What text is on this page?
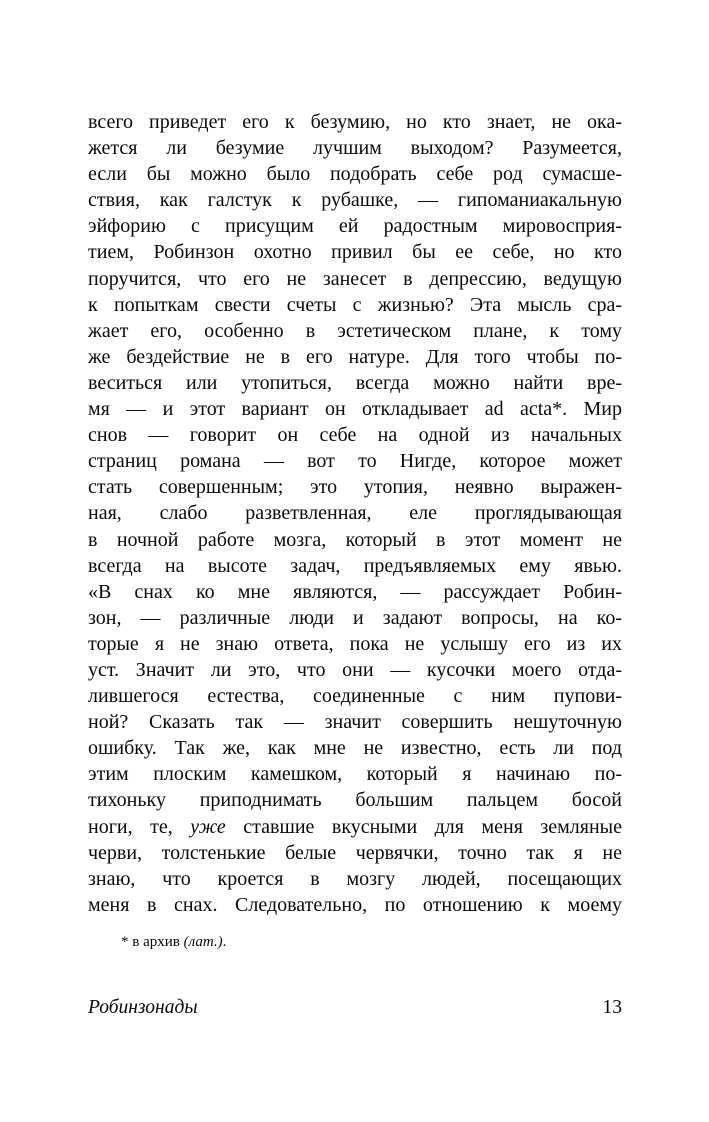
всего приведет его к безумию, но кто знает, не ока-
жется ли безумие лучшим выходом? Разумеется,
если бы можно было подобрать себе род сумасше-
ствия, как галстук к рубашке, — гипоманиакальную
эйфорию с присущим ей радостным мировосприя-
тием, Робинзон охотно привил бы ее себе, но кто
поручится, что его не занесет в депрессию, ведущую
к попыткам свести счеты с жизнью? Эта мысль сра-
жает его, особенно в эстетическом плане, к тому
же бездействие не в его натуре. Для того чтобы по-
веситься или утопиться, всегда можно найти вре-
мя — и этот вариант он откладывает ad acta*. Мир
снов — говорит он себе на одной из начальных
страниц романа — вот то Нигде, которое может
стать совершенным; это утопия, неявно выражен-
ная, слабо разветвленная, еле проглядывающая
в ночной работе мозга, который в этот момент не
всегда на высоте задач, предъявляемых ему явью.
«В снах ко мне являются, — рассуждает Робин-
зон, — различные люди и задают вопросы, на ко-
торые я не знаю ответа, пока не услышу его из их
уст. Значит ли это, что они — кусочки моего отда-
лившегося естества, соединенные с ним пупови-
ной? Сказать так — значит совершить нешуточную
ошибку. Так же, как мне не известно, есть ли под
этим плоским камешком, который я начинаю по-
тихоньку приподнимать большим пальцем босой
ноги, те, уже ставшие вкусными для меня земляные
черви, толстенькие белые червячки, точно так я не
знаю, что кроется в мозгу людей, посещающих
меня в снах. Следовательно, по отношению к моему
* в архив (лат.).
Робинзонады	13
